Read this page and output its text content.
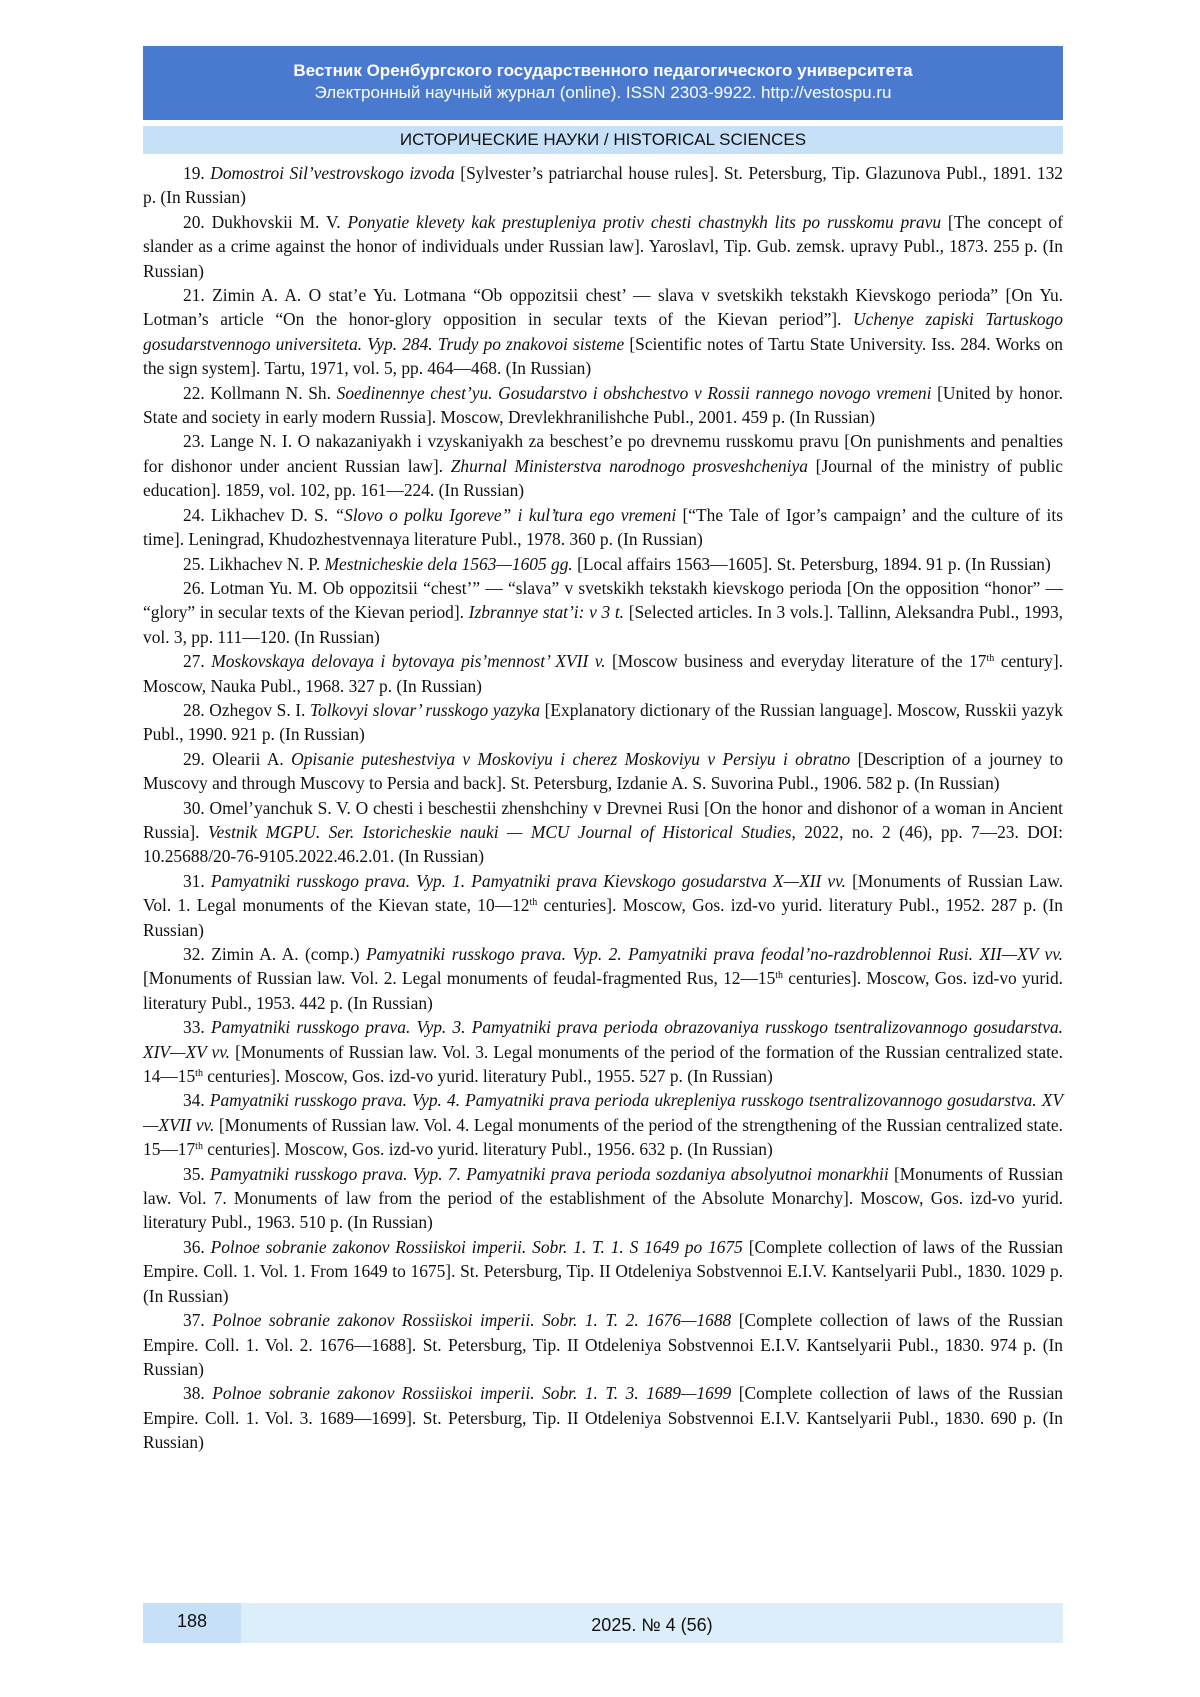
Вестник Оренбургского государственного педагогического университета
Электронный научный журнал (online). ISSN 2303-9922. http://vestospu.ru
ИСТОРИЧЕСКИЕ НАУКИ / HISTORICAL SCIENCES

19. Domostroi Sil’vestrovskogo izvoda [Sylvester’s patriarchal house rules]. St. Petersburg, Tip. Glazunova Publ., 1891. 132 p. (In Russian)

20. Dukhovskii M. V. Ponyatie klevety kak prestupleniya protiv chesti chastnykh lits po russkomu pravu [The concept of slander as a crime against the honor of individuals under Russian law]. Yaroslavl, Tip. Gub. zemsk. upravy Publ., 1873. 255 p. (In Russian)

21. Zimin A. A. O stat’e Yu. Lotmana “Ob oppozitsii chest’ — slava v svetskikh tekstakh Kievskogo perioda” [On Yu. Lotman’s article “On the honor-glory opposition in secular texts of the Kievan period”]. Uchenye zapiski Tartuskogo gosudarstvennogo universiteta. Vyp. 284. Trudy po znakovoi sisteme [Scientific notes of Tartu State University. Iss. 284. Works on the sign system]. Tartu, 1971, vol. 5, pp. 464—468. (In Russian)

22. Kollmann N. Sh. Soedinennye chest’yu. Gosudarstvo i obshchestvo v Rossii rannego novogo vremeni [United by honor. State and society in early modern Russia]. Moscow, Drevlekhranilishche Publ., 2001. 459 p. (In Russian)

23. Lange N. I. O nakazaniyakh i vzyskaniyakh za beschest’e po drevnemu russkomu pravu [On punishments and penalties for dishonor under ancient Russian law]. Zhurnal Ministerstva narodnogo prosveshcheniya [Journal of the ministry of public education]. 1859, vol. 102, pp. 161—224. (In Russian)

24. Likhachev D. S. “Slovo o polku Igoreve” i kul’tura ego vremeni [“The Tale of Igor’s campaign’ and the culture of its time]. Leningrad, Khudozhestvennaya literature Publ., 1978. 360 p. (In Russian)

25. Likhachev N. P. Mestnicheskie dela 1563—1605 gg. [Local affairs 1563—1605]. St. Petersburg, 1894. 91 p. (In Russian)

26. Lotman Yu. M. Ob oppozitsii “chest’” — “slava” v svetskikh tekstakh kievskogo perioda [On the opposition “honor” — “glory” in secular texts of the Kievan period]. Izbrannye stat’i: v 3 t. [Selected articles. In 3 vols.]. Tallinn, Aleksandra Publ., 1993, vol. 3, pp. 111—120. (In Russian)

27. Moskovskaya delovaya i bytovaya pis’mennost’ XVII v. [Moscow business and everyday literature of the 17th century]. Moscow, Nauka Publ., 1968. 327 p. (In Russian)

28. Ozhegov S. I. Tolkovyi slovar’ russkogo yazyka [Explanatory dictionary of the Russian language]. Moscow, Russkii yazyk Publ., 1990. 921 p. (In Russian)

29. Olearii A. Opisanie puteshestviya v Moskoviyu i cherez Moskoviyu v Persiyu i obratno [Description of a journey to Muscovy and through Muscovy to Persia and back]. St. Petersburg, Izdanie A. S. Suvorina Publ., 1906. 582 p. (In Russian)

30. Omel’yanchuk S. V. O chesti i beschestii zhenshchiny v Drevnei Rusi [On the honor and dishonor of a woman in Ancient Russia]. Vestnik MGPU. Ser. Istoricheskie nauki — MCU Journal of Historical Studies, 2022, no. 2 (46), pp. 7—23. DOI: 10.25688/20-76-9105.2022.46.2.01. (In Russian)

31. Pamyatniki russkogo prava. Vyp. 1. Pamyatniki prava Kievskogo gosudarstva X—XII vv. [Monuments of Russian Law. Vol. 1. Legal monuments of the Kievan state, 10—12th centuries]. Moscow, Gos. izd-vo yurid. literatury Publ., 1952. 287 p. (In Russian)

32. Zimin A. A. (comp.) Pamyatniki russkogo prava. Vyp. 2. Pamyatniki prava feodal’no-razdroblennoi Rusi. XII—XV vv. [Monuments of Russian law. Vol. 2. Legal monuments of feudal-fragmented Rus, 12—15th centuries]. Moscow, Gos. izd-vo yurid. literatury Publ., 1953. 442 p. (In Russian)

33. Pamyatniki russkogo prava. Vyp. 3. Pamyatniki prava perioda obrazovaniya russkogo tsentralizovannogo gosudarstva. XIV—XV vv. [Monuments of Russian law. Vol. 3. Legal monuments of the period of the formation of the Russian centralized state. 14—15th centuries]. Moscow, Gos. izd-vo yurid. literatury Publ., 1955. 527 p. (In Russian)

34. Pamyatniki russkogo prava. Vyp. 4. Pamyatniki prava perioda ukrepleniya russkogo tsentralizovannogo gosudarstva. XV—XVII vv. [Monuments of Russian law. Vol. 4. Legal monuments of the period of the strengthening of the Russian centralized state. 15—17th centuries]. Moscow, Gos. izd-vo yurid. literatury Publ., 1956. 632 p. (In Russian)

35. Pamyatniki russkogo prava. Vyp. 7. Pamyatniki prava perioda sozdaniya absolyutnoi monarkhii [Monuments of Russian law. Vol. 7. Monuments of law from the period of the establishment of the Absolute Monarchy]. Moscow, Gos. izd-vo yurid. literatury Publ., 1963. 510 p. (In Russian)

36. Polnoe sobranie zakonov Rossiiskoi imperii. Sobr. 1. T. 1. S 1649 po 1675 [Complete collection of laws of the Russian Empire. Coll. 1. Vol. 1. From 1649 to 1675]. St. Petersburg, Tip. II Otdeleniya Sobstvennoi E.I.V. Kantselyarii Publ., 1830. 1029 p. (In Russian)

37. Polnoe sobranie zakonov Rossiiskoi imperii. Sobr. 1. T. 2. 1676—1688 [Complete collection of laws of the Russian Empire. Coll. 1. Vol. 2. 1676—1688]. St. Petersburg, Tip. II Otdeleniya Sobstvennoi E.I.V. Kantselyarii Publ., 1830. 974 p. (In Russian)

38. Polnoe sobranie zakonov Rossiiskoi imperii. Sobr. 1. T. 3. 1689—1699 [Complete collection of laws of the Russian Empire. Coll. 1. Vol. 3. 1689—1699]. St. Petersburg, Tip. II Otdeleniya Sobstvennoi E.I.V. Kantselyarii Publ., 1830. 690 p. (In Russian)

188	2025. № 4 (56)
